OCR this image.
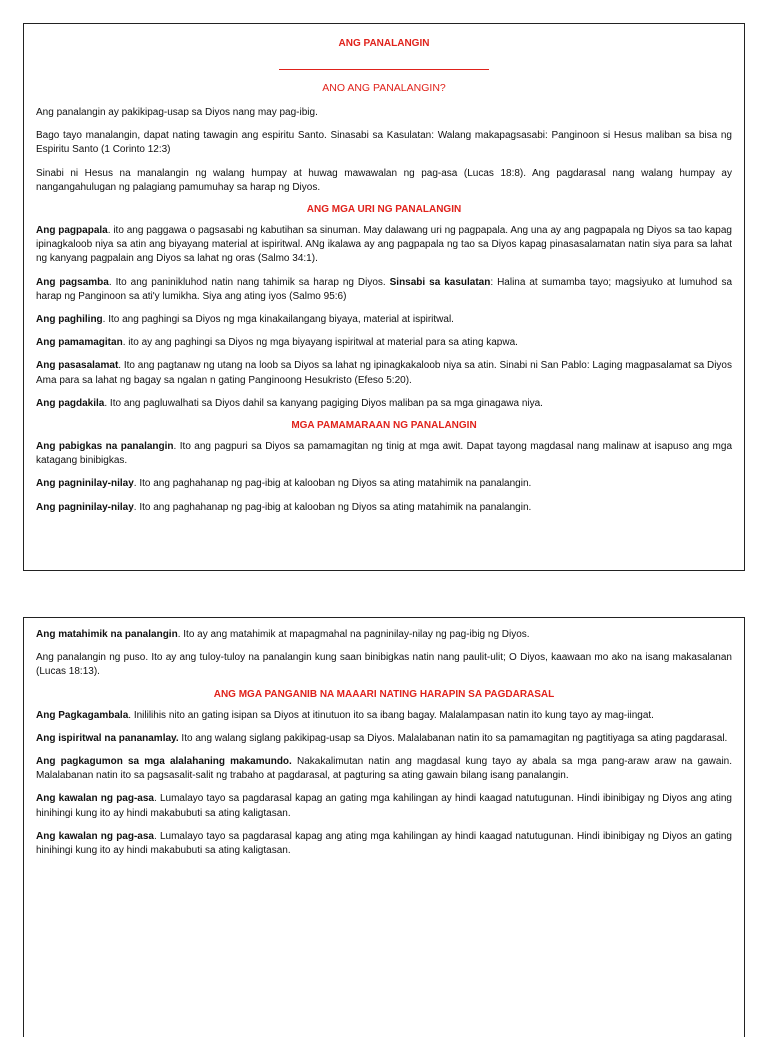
ANG PANALANGIN
ANO ANG PANALANGIN?

Ang panalangin ay pakikipag-usap sa Diyos nang may pag-ibig.

Bago tayo manalangin, dapat nating tawagin ang espiritu Santo. Sinasabi sa Kasulatan: Walang makapagsasabi: Panginoon si Hesus maliban sa bisa ng Espiritu Santo (1 Corinto 12:3)

Sinabi ni Hesus na manalangin ng walang humpay at huwag mawawalan ng pag-asa (Lucas 18:8). Ang pagdarasal nang walang humpay ay nangangahulugan ng palagiang pamumuhay sa harap ng Diyos.

ANG MGA URI NG PANALANGIN

Ang pagpapala. ito ang paggawa o pagsasabi ng kabutihan sa sinuman. May dalawang uri ng pagpapala. Ang una ay ang pagpapala ng Diyos sa tao kapag ipinagkaloob niya sa atin ang biyayang material at ispiritwal. ANg ikalawa ay ang pagpapala ng tao sa Diyos kapag pinasasalamatan natin siya para sa lahat ng kanyang pagpalain ang Diyos sa lahat ng oras (Salmo 34:1).

Ang pagsamba. Ito ang paninikluhod natin nang tahimik sa harap ng Diyos. Sinsabi sa kasulatan: Halina at sumamba tayo; magsiyuko at lumuhod sa harap ng Panginoon sa ati'y lumikha. Siya ang ating iyos (Salmo 95:6)

Ang paghiling. Ito ang paghingi sa Diyos ng mga kinakailangang biyaya, material at ispiritwal.

Ang pamamagitan. ito ay ang paghingi sa Diyos ng mga biyayang ispiritwal at material para sa ating kapwa.

Ang pasasalamat. Ito ang pagtanaw ng utang na loob sa Diyos sa lahat ng ipinagkakaloob niya sa atin. Sinabi ni San Pablo: Laging magpasalamat sa Diyos Ama para sa lahat ng bagay sa ngalan n gating Panginoong Hesukristo (Efeso 5:20).

Ang pagdakila. Ito ang pagluwalhati sa Diyos dahil sa kanyang pagiging Diyos maliban pa sa mga ginagawa niya.

MGA PAMAMARAAN NG PANALANGIN

Ang pabigkas na panalangin. Ito ang pagpuri sa Diyos sa pamamagitan ng tinig at mga awit. Dapat tayong magdasal nang malinaw at isapuso ang mga katagang binibigkas.

Ang pagninilay-nilay. Ito ang paghahanap ng pag-ibig at kalooban ng Diyos sa ating matahimik na panalangin.

Ang pagninilay-nilay. Ito ang paghahanap ng pag-ibig at kalooban ng Diyos sa ating matahimik na panalangin.

Ang matahimik na panalangin. Ito ay ang matahimik at mapagmahal na pagninilay-nilay ng pag-ibig ng Diyos.

Ang panalangin ng puso. Ito ay ang tuloy-tuloy na panalangin kung saan binibigkas natin nang paulit-ulit; O Diyos, kaawaan mo ako na isang makasalanan (Lucas 18:13).

ANG MGA PANGANIB NA MAAARI NATING HARAPIN SA PAGDARASAL

Ang Pagkagambala. Inililihis nito an gating isipan sa Diyos at itinutuon ito sa ibang bagay. Malalampasan natin ito kung tayo ay mag-iingat.

Ang ispiritwal na pananamlay. Ito ang walang siglang pakikipag-usap sa Diyos. Malalabanan natin ito sa pamamagitan ng pagtitiyaga sa ating pagdarasal.

Ang pagkagumon sa mga alalahaning makamundo. Nakakalimutan natin ang magdasal kung tayo ay abala sa mga pang-araw araw na gawain. Malalabanan natin ito sa pagsasalit-salit ng trabaho at pagdarasal, at pagturing sa ating gawain bilang isang panalangin.

Ang kawalan ng pag-asa. Lumalayo tayo sa pagdarasal kapag an gating mga kahilingan ay hindi kaagad natutugunan. Hindi ibinibigay ng Diyos ang ating hinihingi kung ito ay hindi makabubuti sa ating kaligtasan.

Ang kawalan ng pag-asa. Lumalayo tayo sa pagdarasal kapag ang ating mga kahilingan ay hindi kaagad natutugunan. Hindi ibinibigay ng Diyos an gating hinihingi kung ito ay hindi makabubuti sa ating kaligtasan.
